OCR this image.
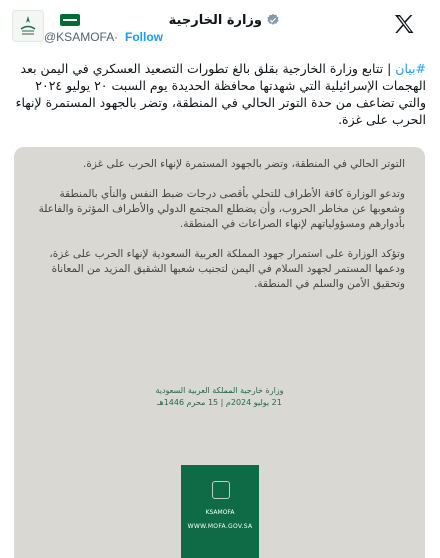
وزارة الخارجية
@KSAMOFA · Follow
#بيان | تتابع وزارة الخارجية بقلق بالغ تطورات التصعيد العسكري في اليمن بعد الهجمات الإسرائيلية التي شهدتها محافظة الحديدة يوم السبت ٢٠ يوليو ٢٠٢٤ والتي تضاعف من حدة التوتر الحالي في المنطقة، وتضر بالجهود المستمرة لإنهاء الحرب على غزة.

التوتر الحالي في المنطقة، وتضر بالجهود المستمرة لإنهاء الحرب على غزة.

وتدعو الوزارة كافة الأطراف للتحلي بأقصى درجات ضبط النفس والنأي بالمنطقة وشعوبها عن مخاطر الحروب، وأن يضطلع المجتمع الدولي والأطراف المؤثرة والفاعلة بأدوارهم ومسؤولياتهم لإنهاء الصراعات في المنطقة.

وتؤكد الوزارة على استمرار جهود المملكة العربية السعودية لإنهاء الحرب على غزة، ودعمها المستمر لجهود السلام في اليمن لتجنيب شعبها الشقيق المزيد من المعاناة وتحقيق الأمن والسلم في المنطقة.

وزارة خارجية المملكة العربية السعودية
21 يوليو 2024م | 15 محرم 1446هـ
KSAMOFA
WWW.MOFA.GOV.SA
